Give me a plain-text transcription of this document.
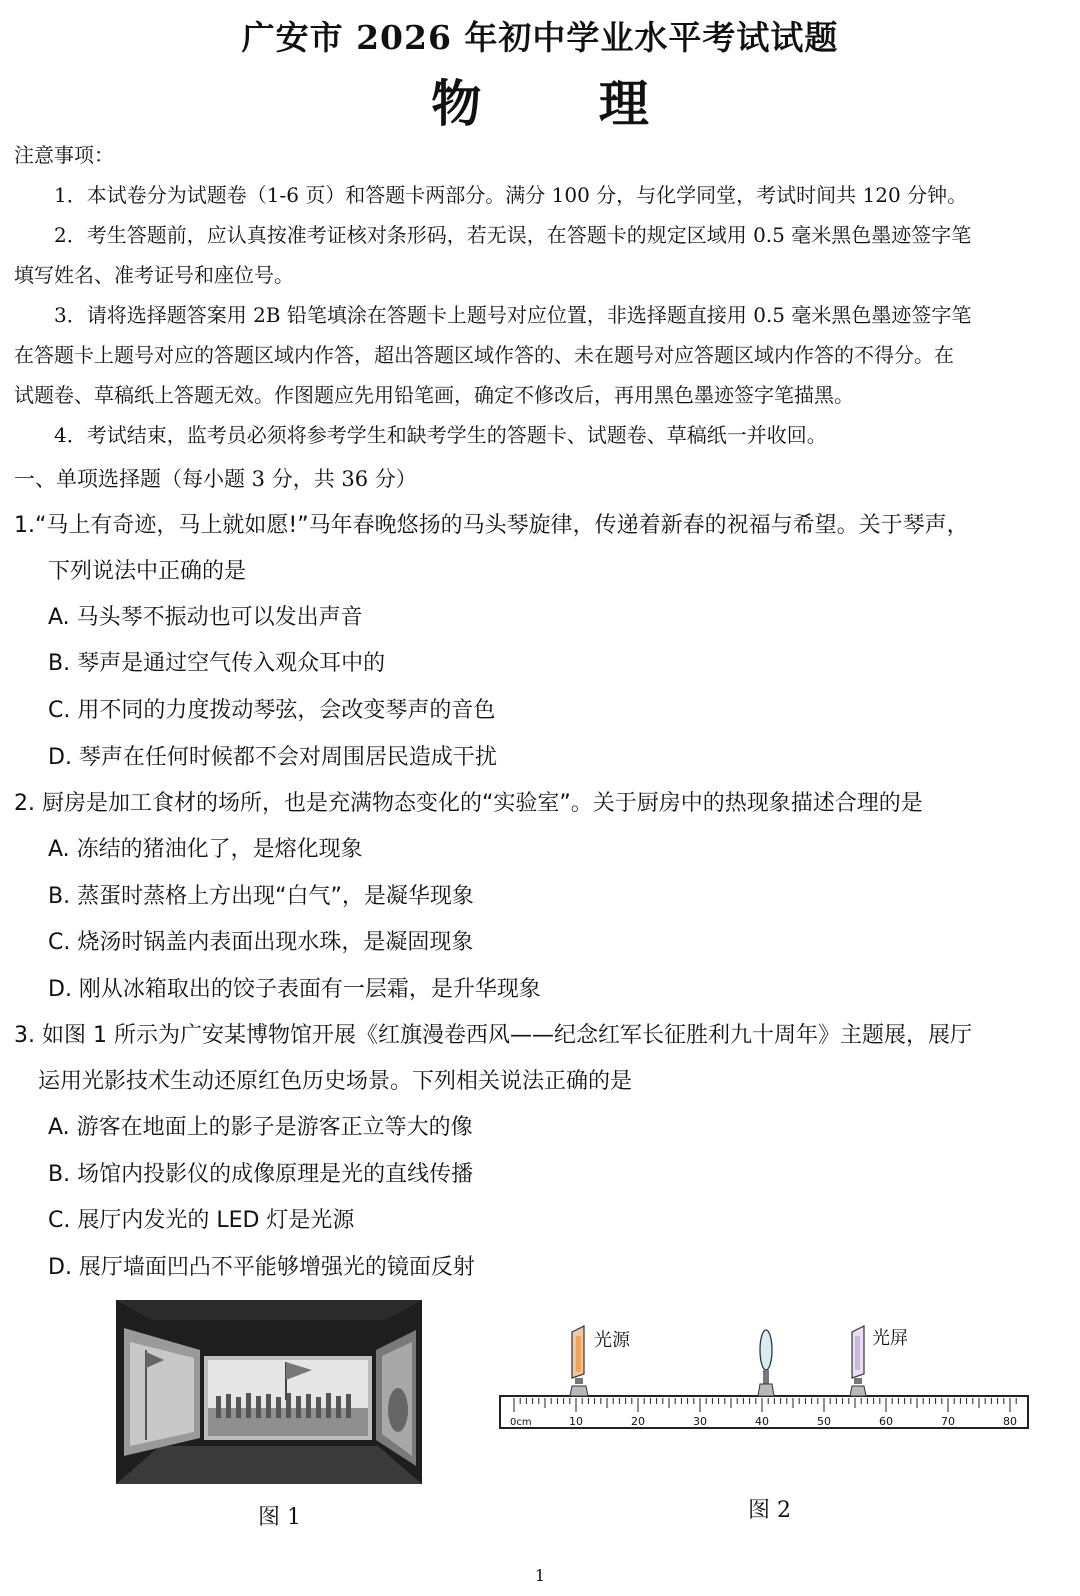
广安市 2026 年初中学业水平考试试题
物 理
注意事项：
1．本试卷分为试题卷（1-6 页）和答题卡两部分。满分 100 分，与化学同堂，考试时间共 120 分钟。
2．考生答题前，应认真按准考证核对条形码，若无误，在答题卡的规定区域用 0.5 毫米黑色墨迹签字笔
填写姓名、准考证号和座位号。
3．请将选择题答案用 2B 铅笔填涂在答题卡上题号对应位置，非选择题直接用 0.5 毫米黑色墨迹签字笔
在答题卡上题号对应的答题区域内作答，超出答题区域作答的、未在题号对应答题区域内作答的不得分。在
试题卷、草稿纸上答题无效。作图题应先用铅笔画，确定不修改后，再用黑色墨迹签字笔描黑。
4．考试结束，监考员必须将参考学生和缺考学生的答题卡、试题卷、草稿纸一并收回。
一、单项选择题（每小题 3 分，共 36 分）
1.“马上有奇迹，马上就如愿!”马年春晚悠扬的马头琴旋律，传递着新春的祝福与希望。关于琴声，
下列说法中正确的是
A. 马头琴不振动也可以发出声音
B. 琴声是通过空气传入观众耳中的
C. 用不同的力度拨动琴弦，会改变琴声的音色
D. 琴声在任何时候都不会对周围居民造成干扰
2. 厨房是加工食材的场所，也是充满物态变化的“实验室”。关于厨房中的热现象描述合理的是
A. 冻结的猪油化了，是熔化现象
B. 蒸蛋时蒸格上方出现“白气”，是凝华现象
C. 烧汤时锅盖内表面出现水珠，是凝固现象
D. 刚从冰箱取出的饺子表面有一层霜，是升华现象
3. 如图 1 所示为广安某博物馆开展《红旗漫卷西风——纪念红军长征胜利九十周年》主题展，展厅
运用光影技术生动还原红色历史场景。下列相关说法正确的是
A. 游客在地面上的影子是游客正立等大的像
B. 场馆内投影仪的成像原理是光的直线传播
C. 展厅内发光的 LED 灯是光源
D. 展厅墙面凹凸不平能够增强光的镜面反射
10	20	30	40	50	60	70	80
光源	光屏
0cm
图 1	图 2
1
